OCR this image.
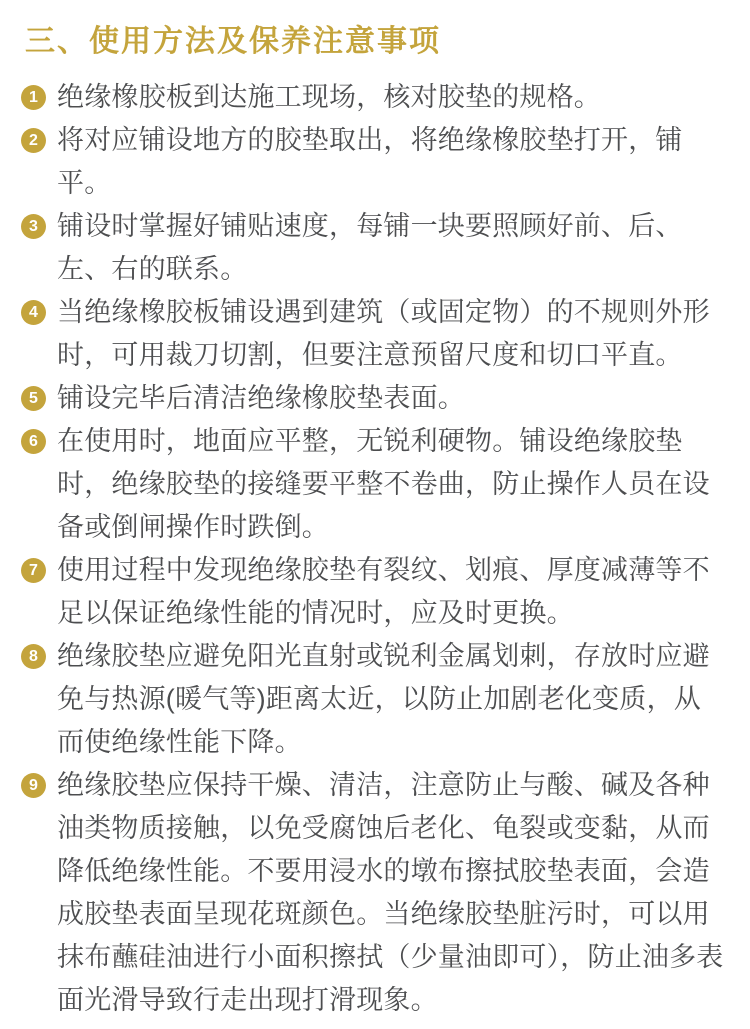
三、使用方法及保养注意事项
1 绝缘橡胶板到达施工现场，核对胶垫的规格。

2 将对应铺设地方的胶垫取出，将绝缘橡胶垫打开，铺平。

3 铺设时掌握好铺贴速度，每铺一块要照顾好前、后、左、右的联系。

4 当绝缘橡胶板铺设遇到建筑（或固定物）的不规则外形时，可用裁刀切割，但要注意预留尺度和切口平直。

5 铺设完毕后清洁绝缘橡胶垫表面。

6 在使用时，地面应平整，无锐利硬物。铺设绝缘胶垫时，绝缘胶垫的接缝要平整不卷曲，防止操作人员在设备或倒闸操作时跌倒。

7 使用过程中发现绝缘胶垫有裂纹、划痕、厚度减薄等不足以保证绝缘性能的情况时，应及时更换。

8 绝缘胶垫应避免阳光直射或锐利金属划刺，存放时应避免与热源(暖气等)距离太近，以防止加剧老化变质，从而使绝缘性能下降。

9 绝缘胶垫应保持干燥、清洁，注意防止与酸、碱及各种油类物质接触，以免受腐蚀后老化、龟裂或变黏，从而降低绝缘性能。不要用浸水的墩布擦拭胶垫表面，会造成胶垫表面呈现花斑颜色。当绝缘胶垫脏污时，可以用抹布蘸硅油进行小面积擦拭（少量油即可），防止油多表面光滑导致行走出现打滑现象。
